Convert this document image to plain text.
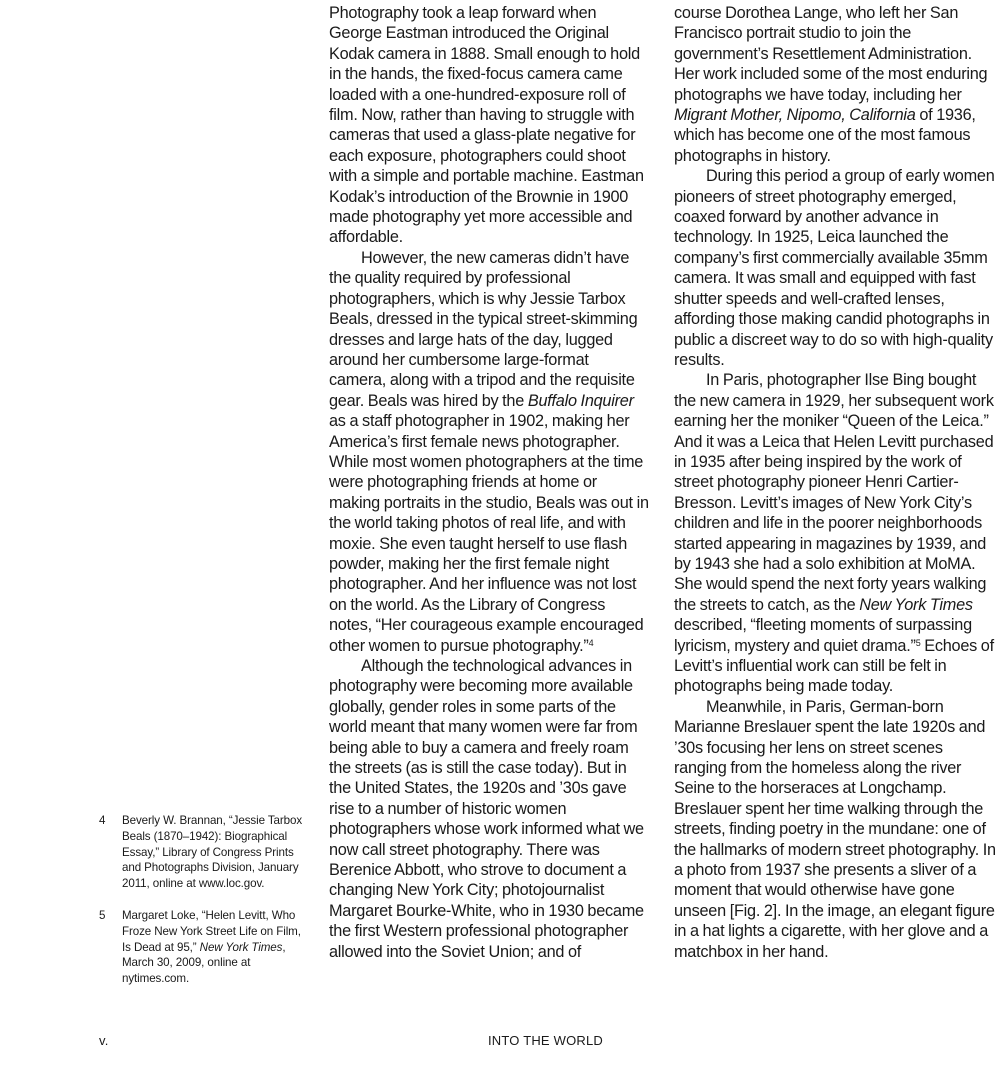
Photography took a leap forward when George Eastman introduced the Original Kodak camera in 1888. Small enough to hold in the hands, the fixed-focus camera came loaded with a one-hundred-exposure roll of film. Now, rather than having to struggle with cameras that used a glass-plate negative for each exposure, photographers could shoot with a simple and portable machine. Eastman Kodak’s introduction of the Brownie in 1900 made photography yet more accessible and affordable.

However, the new cameras didn’t have the quality required by professional photographers, which is why Jessie Tarbox Beals, dressed in the typical street-skimming dresses and large hats of the day, lugged around her cumbersome large-format camera, along with a tripod and the requisite gear. Beals was hired by the Buffalo Inquirer as a staff photographer in 1902, making her America’s first female news photographer. While most women photographers at the time were photographing friends at home or making portraits in the studio, Beals was out in the world taking photos of real life, and with moxie. She even taught herself to use flash powder, making her the first female night photographer. And her influence was not lost on the world. As the Library of Congress notes, “Her courageous example encouraged other women to pursue photography.”$^4$

Although the technological advances in photography were becoming more available globally, gender roles in some parts of the world meant that many women were far from being able to buy a camera and freely roam the streets (as is still the case today). But in the United States, the 1920s and ’30s gave rise to a number of historic women photographers whose work informed what we now call street photography. There was Berenice Abbott, who strove to document a changing New York City; photojournalist Margaret Bourke-White, who in 1930 became the first Western professional photographer allowed into the Soviet Union; and of

course Dorothea Lange, who left her San Francisco portrait studio to join the government’s Resettlement Administration. Her work included some of the most enduring photographs we have today, including her Migrant Mother, Nipomo, California of 1936, which has become one of the most famous photographs in history.

During this period a group of early women pioneers of street photography emerged, coaxed forward by another advance in technology. In 1925, Leica launched the company’s first commercially available 35mm camera. It was small and equipped with fast shutter speeds and well-crafted lenses, affording those making candid photographs in public a discreet way to do so with high-quality results.

In Paris, photographer Ilse Bing bought the new camera in 1929, her subsequent work earning her the moniker “Queen of the Leica.” And it was a Leica that Helen Levitt purchased in 1935 after being inspired by the work of street photography pioneer Henri Cartier-Bresson. Levitt’s images of New York City’s children and life in the poorer neighborhoods started appearing in magazines by 1939, and by 1943 she had a solo exhibition at MoMA. She would spend the next forty years walking the streets to catch, as the New York Times described, “fleeting moments of surpassing lyricism, mystery and quiet drama.”$^5$ Echoes of Levitt’s influential work can still be felt in photographs being made today.

Meanwhile, in Paris, German-born Marianne Breslauer spent the late 1920s and ’30s focusing her lens on street scenes ranging from the homeless along the river Seine to the horseraces at Longchamp. Breslauer spent her time walking through the streets, finding poetry in the mundane: one of the hallmarks of modern street photography. In a photo from 1937 she presents a sliver of a moment that would otherwise have gone unseen [Fig. 2]. In the image, an elegant figure in a hat lights a cigarette, with her glove and a matchbox in her hand.

4 Beverly W. Brannan, “Jessie Tarbox Beals (1870–1942): Biographical Essay,” Library of Congress Prints and Photographs Division, January 2011, online at www.loc.gov.
5 Margaret Loke, “Helen Levitt, Who Froze New York Street Life on Film, Is Dead at 95,” New York Times, March 30, 2009, online at nytimes.com.
v.	INTO THE WORLD
